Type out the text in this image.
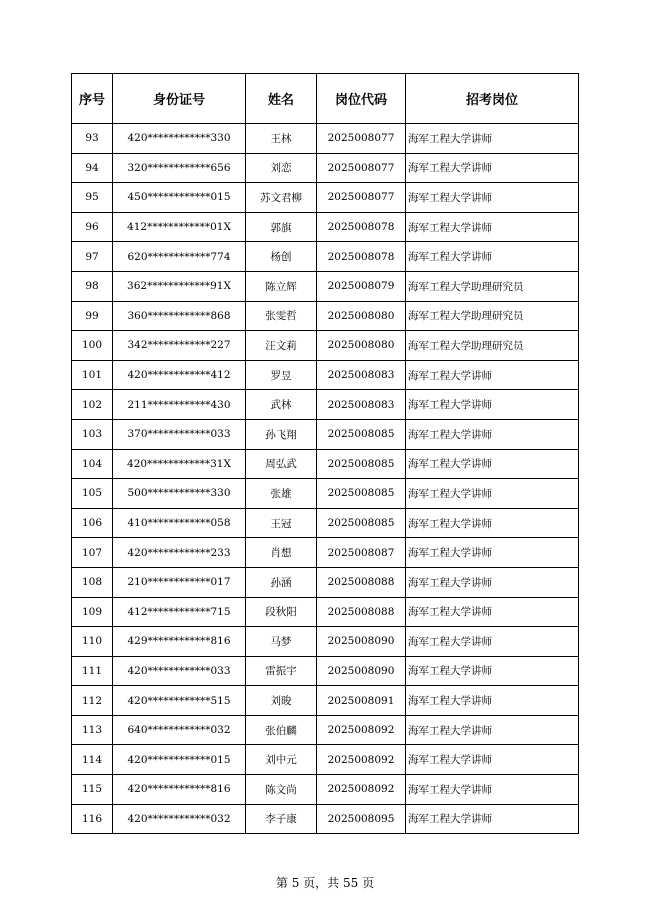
序号	身份证号	姓名	岗位代码	招考岗位
93	420************330	王林	2025008077	海军工程大学讲师
94	320************656	刘恋	2025008077	海军工程大学讲师
95	450************015	苏文君柳	2025008077	海军工程大学讲师
96	412************01X	郭旗	2025008078	海军工程大学讲师
97	620************774	杨创	2025008078	海军工程大学讲师
98	362************91X	陈立辉	2025008079	海军工程大学助理研究员
99	360************868	张雯哲	2025008080	海军工程大学助理研究员
100	342************227	汪文莉	2025008080	海军工程大学助理研究员
101	420************412	罗昱	2025008083	海军工程大学讲师
102	211************430	武林	2025008083	海军工程大学讲师
103	370************033	孙飞翔	2025008085	海军工程大学讲师
104	420************31X	周弘武	2025008085	海军工程大学讲师
105	500************330	张雄	2025008085	海军工程大学讲师
106	410************058	王冠	2025008085	海军工程大学讲师
107	420************233	肖想	2025008087	海军工程大学讲师
108	210************017	孙涵	2025008088	海军工程大学讲师
109	412************715	段秋阳	2025008088	海军工程大学讲师
110	429************816	马梦	2025008090	海军工程大学讲师
111	420************033	雷振宇	2025008090	海军工程大学讲师
112	420************515	刘晙	2025008091	海军工程大学讲师
113	640************032	张伯麟	2025008092	海军工程大学讲师
114	420************015	刘中元	2025008092	海军工程大学讲师
115	420************816	陈文尚	2025008092	海军工程大学讲师
116	420************032	李子康	2025008095	海军工程大学讲师
第 5 页，共 55 页
